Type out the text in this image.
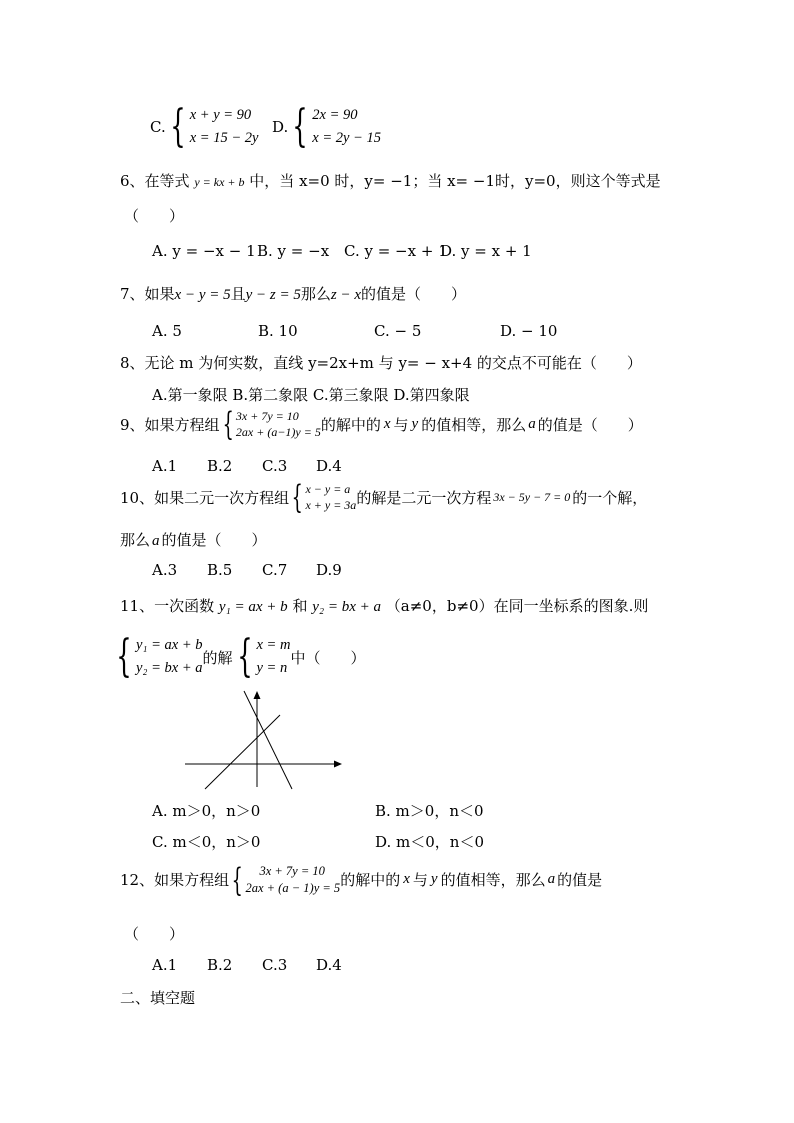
C. { x + y = 90
x = 15 − 2y
D. { 2x = 90
x = 2y − 15
6、在等式 y = kx + b 中，当 x=0 时，y= −1；当 x= −1时，y=0，则这个等式是
（　　）
A. y = −x − 1 B. y = −x C. y = −x + 1
D. y = x + 1
7、如果x − y = 5且y − z = 5那么z − x的值是（　　）
A. 5	B. 10	C. − 5	D. − 10
8、无论 m 为何实数，直线 y=2x+m 与 y= − x+4 的交点不可能在（　　）
A.第一象限 B.第二象限 C.第三象限 D.第四象限
9、如果方程组 { 3x + 7y = 10
2ax + (a−1)y = 5 的解中的 x 与 y 的值相等，那么 a 的值是（　　）
A.1 B.2 C.3 D.4
10、如果二元一次方程组 { x − y = a
x + y = 3a 的解是二元一次方程 3x − 5y − 7 = 0 的一个解，
那么 a 的值是（　　）
A.3 B.5 C.7 D.9
11、一次函数 y₁ = ax + b 和 y₂ = bx + a （a≠0，b≠0）在同一坐标系的图象.则
{ y₁ = ax + b
y₂ = bx + a
的解 { x = m
y = n
中（　　）
A. m＞0，n＞0	B. m＞0，n＜0
C. m＜0，n＞0	D. m＜0，n＜0
12、如果方程组 {	3x + 7y = 10
2ax + (a − 1)y = 5 的解中的 x 与 y 的值相等，那么 a 的值是
（　　）
A.1 B.2 C.3 D.4
二、填空题
